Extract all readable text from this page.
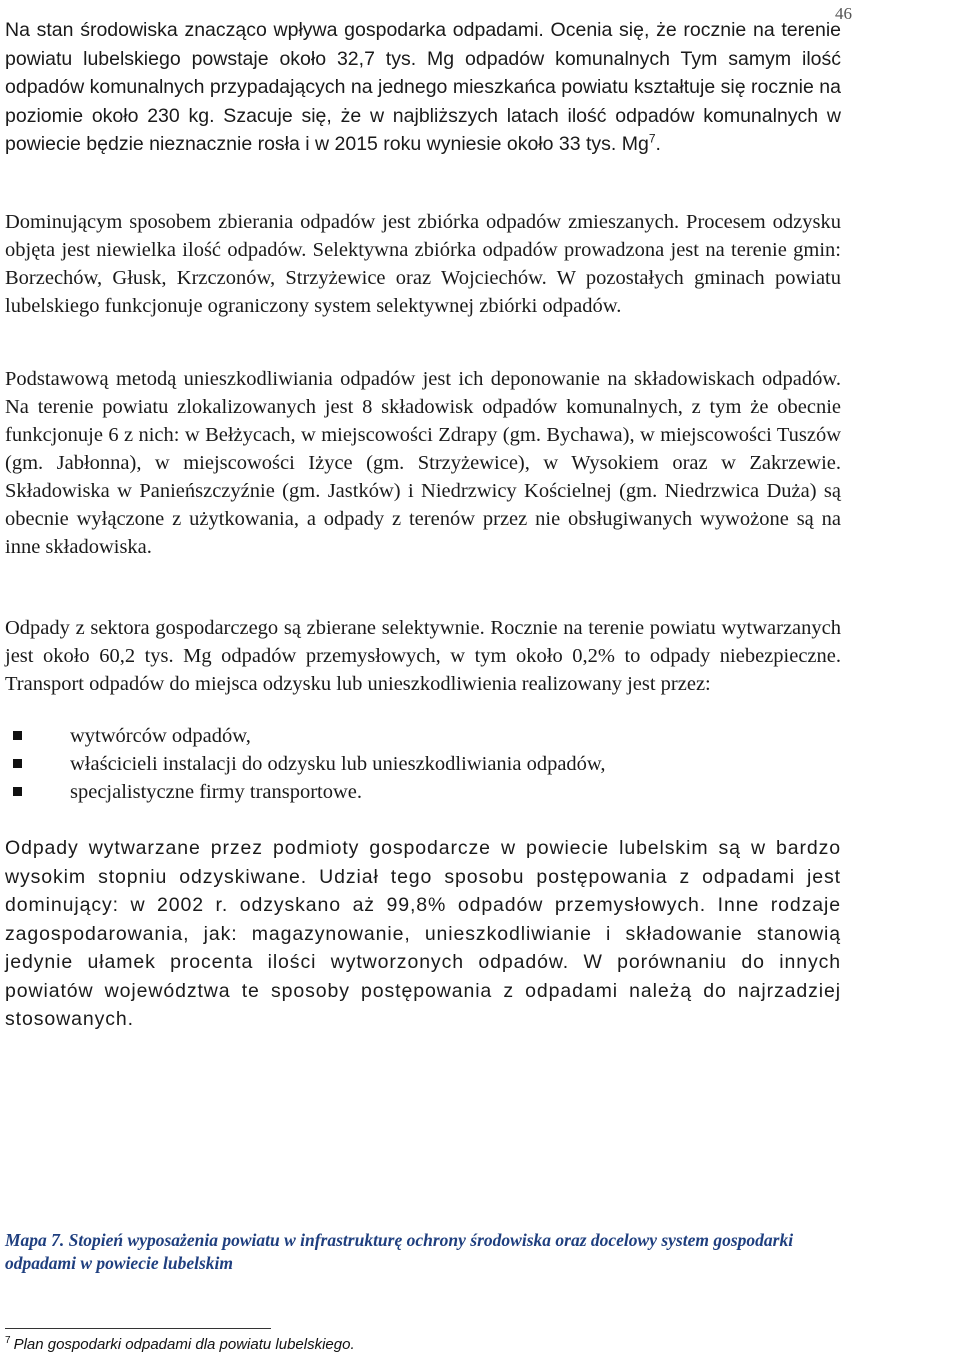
46

Na stan środowiska znacząco wpływa gospodarka odpadami. Ocenia się, że rocznie na terenie powiatu lubelskiego powstaje około 32,7 tys. Mg odpadów komunalnych Tym samym ilość odpadów komunalnych przypadających na jednego mieszkańca powiatu kształtuje się rocznie na poziomie około 230 kg. Szacuje się, że w najbliższych latach ilość odpadów komunalnych w powiecie będzie nieznacznie rosła i w 2015 roku wyniesie około 33 tys. Mg$^7$.

Dominującym sposobem zbierania odpadów jest zbiórka odpadów zmieszanych. Procesem odzysku objęta jest niewielka ilość odpadów. Selektywna zbiórka odpadów prowadzona jest na terenie gmin: Borzechów, Głusk, Krzczonów, Strzyżewice oraz Wojciechów. W pozostałych gminach powiatu lubelskiego funkcjonuje ograniczony system selektywnej zbiórki odpadów.

Podstawową metodą unieszkodliwiania odpadów jest ich deponowanie na składowiskach odpadów. Na terenie powiatu zlokalizowanych jest 8 składowisk odpadów komunalnych, z tym że obecnie funkcjonuje 6 z nich: w Bełżycach, w miejscowości Zdrapy (gm. Bychawa), w miejscowości Tuszów (gm. Jabłonna), w miejscowości Iżyce (gm. Strzyżewice), w Wysokiem oraz w Zakrzewie. Składowiska w Panieńszczyźnie (gm. Jastków) i Niedrzwicy Kościelnej (gm. Niedrzwica Duża) są obecnie wyłączone z użytkowania, a odpady z terenów przez nie obsługiwanych wywożone są na inne składowiska.

Odpady z sektora gospodarczego są zbierane selektywnie. Rocznie na terenie powiatu wytwarzanych jest około 60,2 tys. Mg odpadów przemysłowych, w tym około 0,2% to odpady niebezpieczne. Transport odpadów do miejsca odzysku lub unieszkodliwienia realizowany jest przez:

wytwórców odpadów,
właścicieli instalacji do odzysku lub unieszkodliwiania odpadów,
specjalistyczne firmy transportowe.

Odpady wytwarzane przez podmioty gospodarcze w powiecie lubelskim są w bardzo wysokim stopniu odzyskiwane. Udział tego sposobu postępowania z odpadami jest dominujący: w 2002 r. odzyskano aż 99,8% odpadów przemysłowych. Inne rodzaje zagospodarowania, jak: magazynowanie, unieszkodliwianie i składowanie stanowią jedynie ułamek procenta ilości wytworzonych odpadów. W porównaniu do innych powiatów województwa te sposoby postępowania z odpadami należą do najrzadziej stosowanych.

Mapa 7. Stopień wyposażenia powiatu w infrastrukturę ochrony środowiska oraz docelowy system gospodarki odpadami w powiecie lubelskim

$^7$ Plan gospodarki odpadami dla powiatu lubelskiego.
